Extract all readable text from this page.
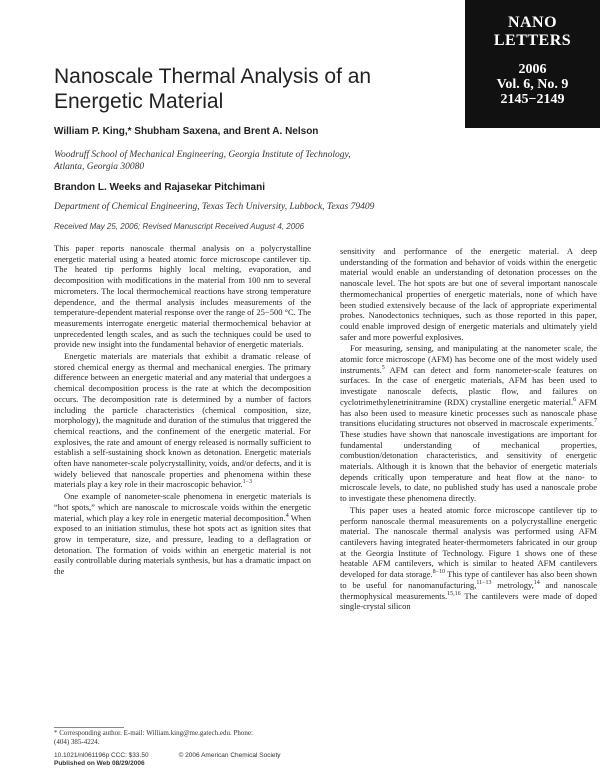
NANO
LETTERS
2006
Vol. 6, No. 9
2145−2149
Nanoscale Thermal Analysis of an Energetic Material
William P. King,* Shubham Saxena, and Brent A. Nelson
Woodruff School of Mechanical Engineering, Georgia Institute of Technology,
Atlanta, Georgia 30080
Brandon L. Weeks and Rajasekar Pitchimani
Department of Chemical Engineering, Texas Tech University, Lubbock, Texas 79409
Received May 25, 2006; Revised Manuscript Received August 4, 2006

This paper reports nanoscale thermal analysis on a polycrystalline energetic material using a heated atomic force microscope cantilever tip. The heated tip performs highly local melting, evaporation, and decomposition with modifications in the material from 100 nm to several micrometers. The local thermochemical reactions have strong temperature dependence, and the thermal analysis includes measurements of the temperature-dependent material response over the range of 25−500 °C. The measurements interrogate energetic material thermochemical behavior at unprecedented length scales, and as such the techniques could be used to provide new insight into the fundamental behavior of energetic materials.

Energetic materials are materials that exhibit a dramatic release of stored chemical energy as thermal and mechanical energies. The primary difference between an energetic material and any material that undergoes a chemical decomposition process is the rate at which the decomposition occurs. The decomposition rate is determined by a number of factors including the particle characteristics (chemical composition, size, morphology), the magnitude and duration of the stimulus that triggered the chemical reactions, and the confinement of the energetic material. For explosives, the rate and amount of energy released is normally sufficient to establish a self-sustaining shock known as detonation. Energetic materials often have nanometer-scale polycrystallinity, voids, and/or defects, and it is widely believed that nanoscale properties and phenomena within these materials play a key role in their macroscopic behavior.$^{1-3}$

One example of nanometer-scale phenomena in energetic materials is “hot spots,” which are nanoscale to microscale voids within the energetic material, which play a key role in energetic material decomposition.$^4$ When exposed to an initiation stimulus, these hot spots act as ignition sites that grow in temperature, size, and pressure, leading to a deflagration or detonation. The formation of voids within an energetic material is not easily controllable during materials synthesis, but has a dramatic impact on the

sensitivity and performance of the energetic material. A deep understanding of the formation and behavior of voids within the energetic material would enable an understanding of detonation processes on the nanoscale level. The hot spots are but one of several important nanoscale thermomechanical properties of energetic materials, none of which have been studied extensively because of the lack of appropriate experimental probes. Nanodectonics techniques, such as those reported in this paper, could enable improved design of energetic materials and ultimately yield safer and more powerful explosives.

For measuring, sensing, and manipulating at the nanometer scale, the atomic force microscope (AFM) has become one of the most widely used instruments.$^5$ AFM can detect and form nanometer-scale features on surfaces. In the case of energetic materials, AFM has been used to investigate nanoscale defects, plastic flow, and failures on cyclotrimethylenetrinitramine (RDX) crystalline energetic material.$^6$ AFM has also been used to measure kinetic processes such as nanoscale phase transitions elucidating structures not observed in macroscale experiments.$^7$ These studies have shown that nanoscale investigations are important for fundamental understanding of mechanical properties, combustion/detonation characteristics, and sensitivity of energetic materials. Although it is known that the behavior of energetic materials depends critically upon temperature and heat flow at the nano- to microscale levels, to date, no published study has used a nanoscale probe to investigate these phenomena directly.

This paper uses a heated atomic force microscope cantilever tip to perform nanoscale thermal measurements on a polycrystalline energetic material. The nanoscale thermal analysis was performed using AFM cantilevers having integrated heater-thermometers fabricated in our group at the Georgia Institute of Technology. Figure 1 shows one of these heatable AFM cantilevers, which is similar to heated AFM cantilevers developed for data storage.$^{8-10}$ This type of cantilever has also been shown to be useful for nanomanufacturing,$^{11-13}$ metrology,$^{14}$ and nanoscale thermophysical measurements.$^{15,16}$ The cantilevers were made of doped single-crystal silicon

* Corresponding author. E-mail: William.king@me.gatech.edu. Phone:
(404) 385-4224.
10.1021/nl061196p CCC: $33.50	© 2006 American Chemical Society
Published on Web 08/29/2006
